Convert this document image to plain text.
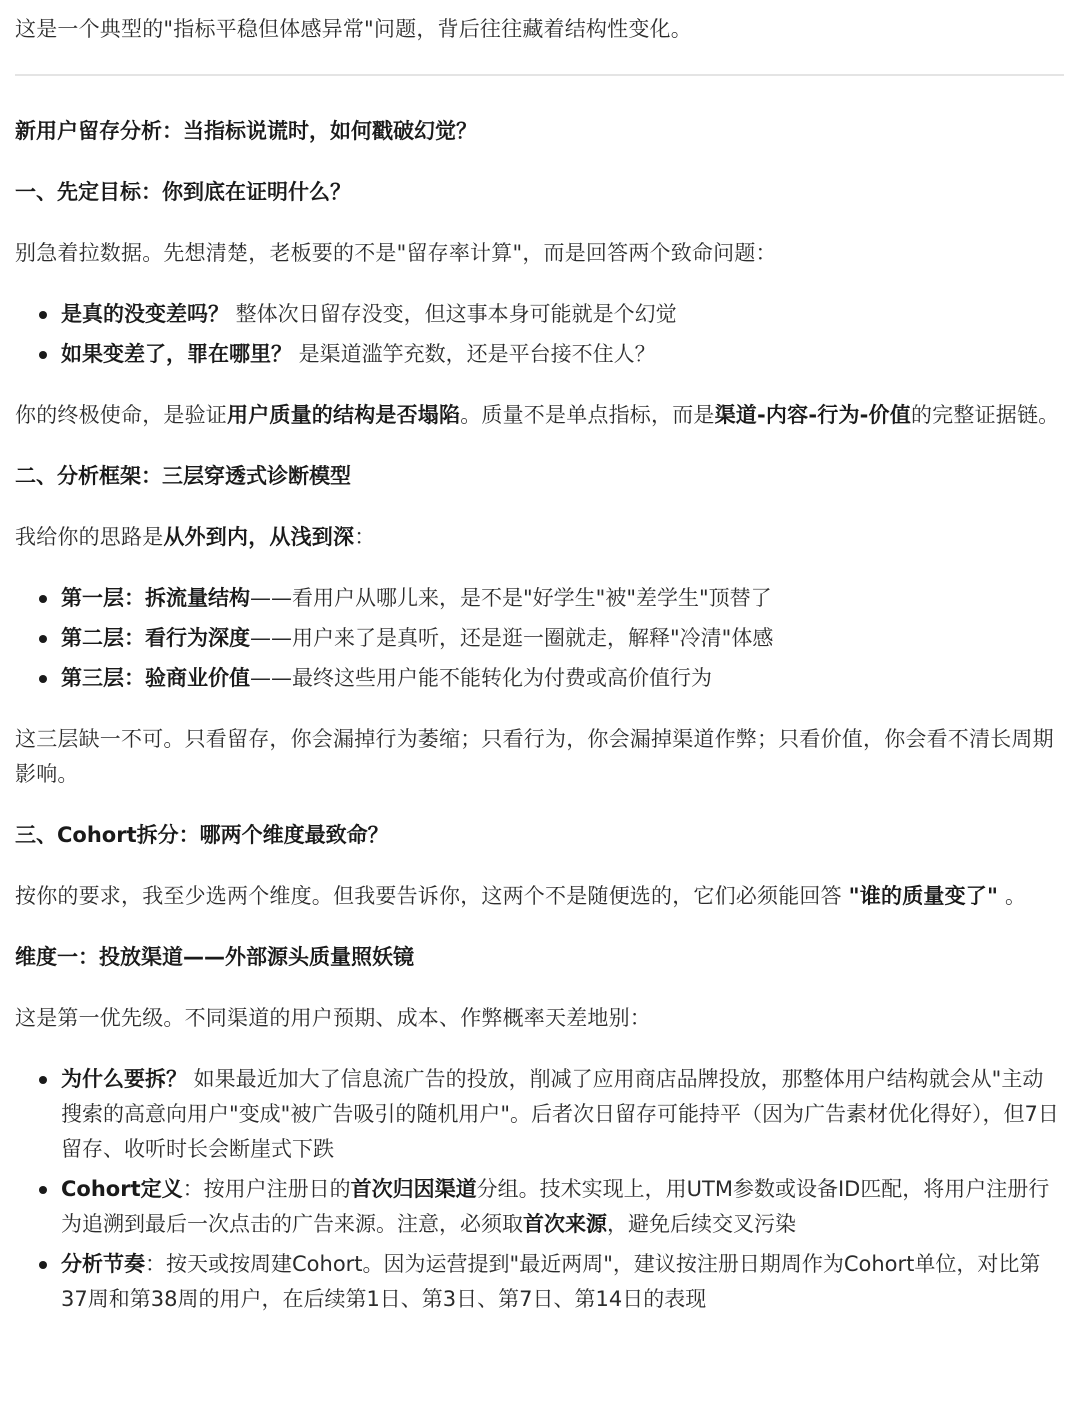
这是一个典型的"指标平稳但体感异常"问题，背后往往藏着结构性变化。

新用户留存分析：当指标说谎时，如何戳破幻觉？
一、先定目标：你到底在证明什么？

别急着拉数据。先想清楚，老板要的不是"留存率计算"，而是回答两个致命问题：

是真的没变差吗？ 整体次日留存没变，但这事本身可能就是个幻觉
如果变差了，罪在哪里？ 是渠道滥竽充数，还是平台接不住人？

你的终极使命，是验证用户质量的结构是否塌陷。质量不是单点指标，而是渠道-内容-行为-价值的完整证据链。

二、分析框架：三层穿透式诊断模型

我给你的思路是从外到内，从浅到深：

第一层：拆流量结构——看用户从哪儿来，是不是"好学生"被"差学生"顶替了
第二层：看行为深度——用户来了是真听，还是逛一圈就走，解释"冷清"体感
第三层：验商业价值——最终这些用户能不能转化为付费或高价值行为

这三层缺一不可。只看留存，你会漏掉行为萎缩；只看行为，你会漏掉渠道作弊；只看价值，你会看不清长周期影响。

三、Cohort拆分：哪两个维度最致命？

按你的要求，我至少选两个维度。但我要告诉你，这两个不是随便选的，它们必须能回答 "谁的质量变了" 。

维度一：投放渠道——外部源头质量照妖镜

这是第一优先级。不同渠道的用户预期、成本、作弊概率天差地别：

为什么要拆？ 如果最近加大了信息流广告的投放，削减了应用商店品牌投放，那整体用户结构就会从"主动搜索的高意向用户"变成"被广告吸引的随机用户"。后者次日留存可能持平（因为广告素材优化得好），但7日留存、收听时长会断崖式下跌
Cohort定义：按用户注册日的首次归因渠道分组。技术实现上，用UTM参数或设备ID匹配，将用户注册行为追溯到最后一次点击的广告来源。注意，必须取首次来源，避免后续交叉污染
分析节奏：按天或按周建Cohort。因为运营提到"最近两周"，建议按注册日期周作为Cohort单位，对比第37周和第38周的用户，在后续第1日、第3日、第7日、第14日的表现
